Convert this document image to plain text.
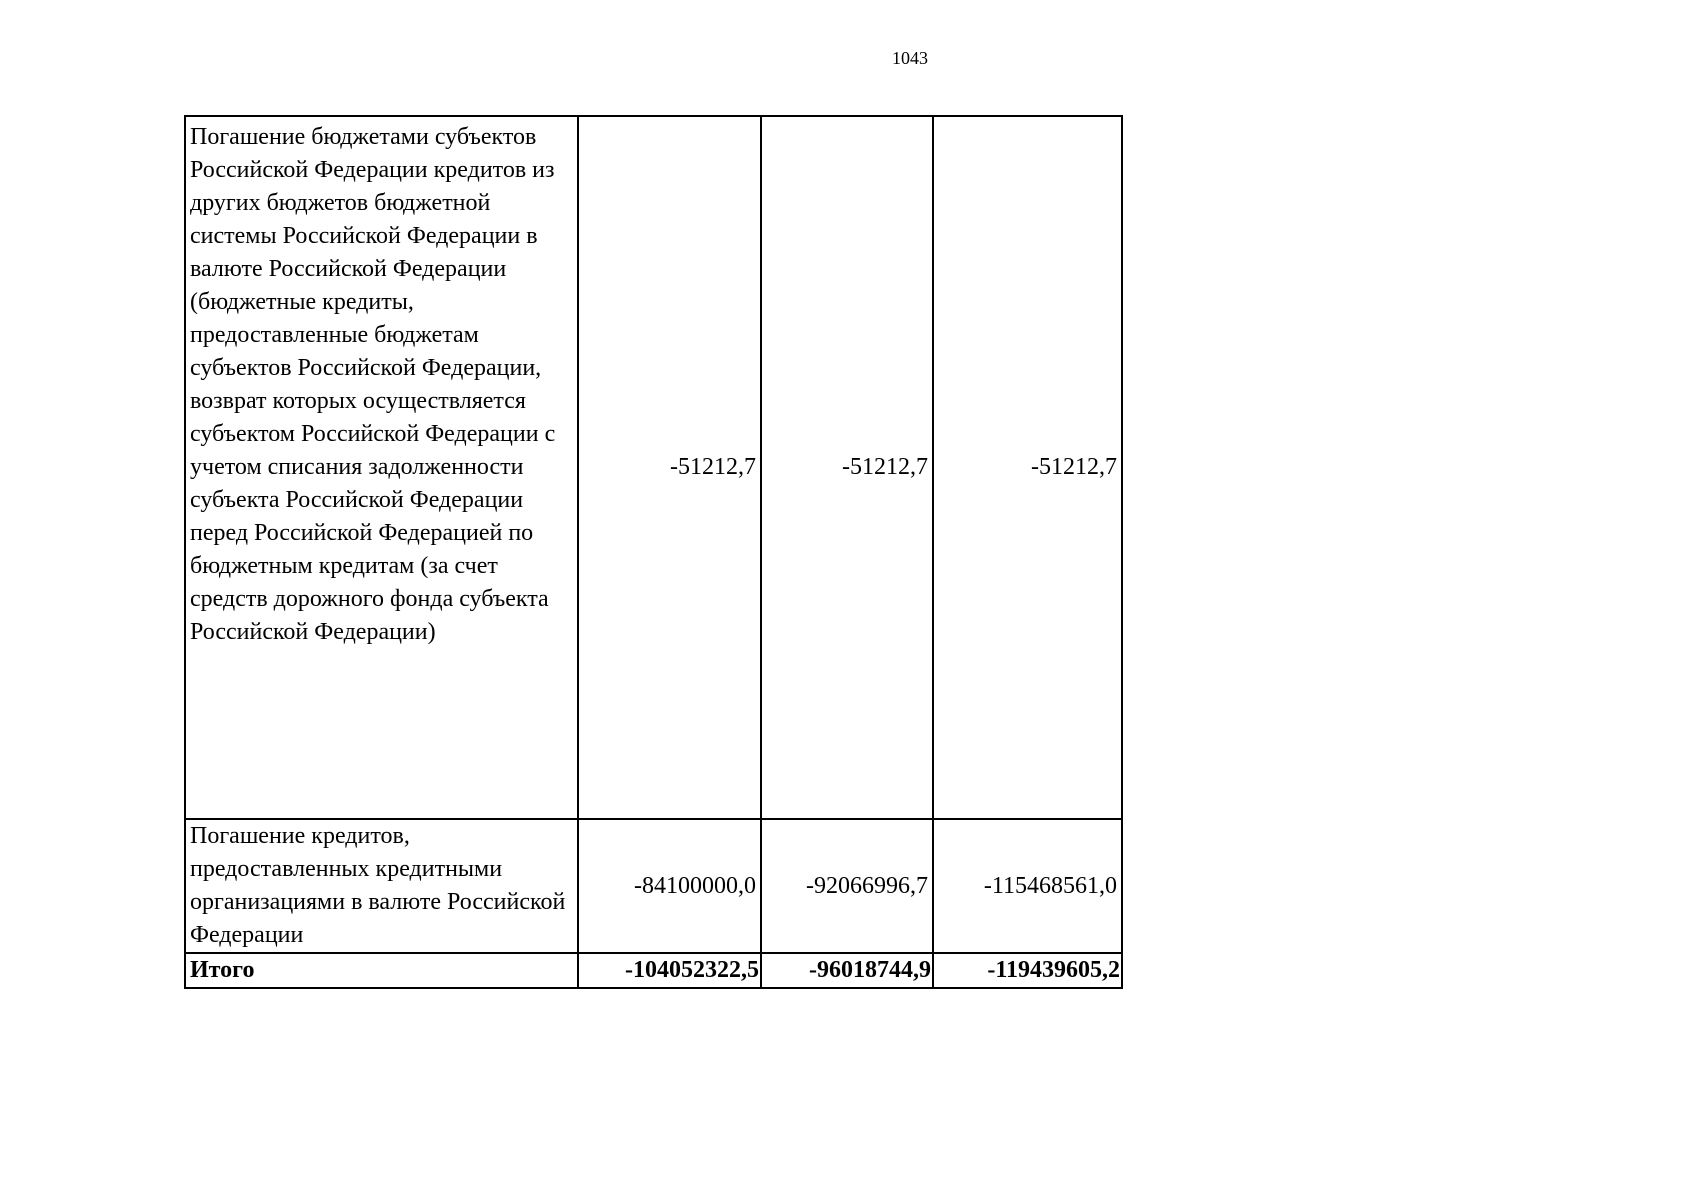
1043
Погашение бюджетами субъектов Российской Федерации кредитов из других бюджетов бюджетной системы Российской Федерации в валюте Российской Федерации (бюджетные кредиты, предоставленные бюджетам субъектов Российской Федерации, возврат которых осуществляется субъектом Российской Федерации с учетом списания задолженности субъекта Российской Федерации перед Российской Федерацией по бюджетным кредитам (за счет средств дорожного фонда субъекта Российской Федерации)	-51212,7	-51212,7	-51212,7
Погашение кредитов, предоставленных кредитными организациями в валюте Российской Федерации	-84100000,0	-92066996,7	-115468561,0
Итого	-104052322,5	-96018744,9	-119439605,2
